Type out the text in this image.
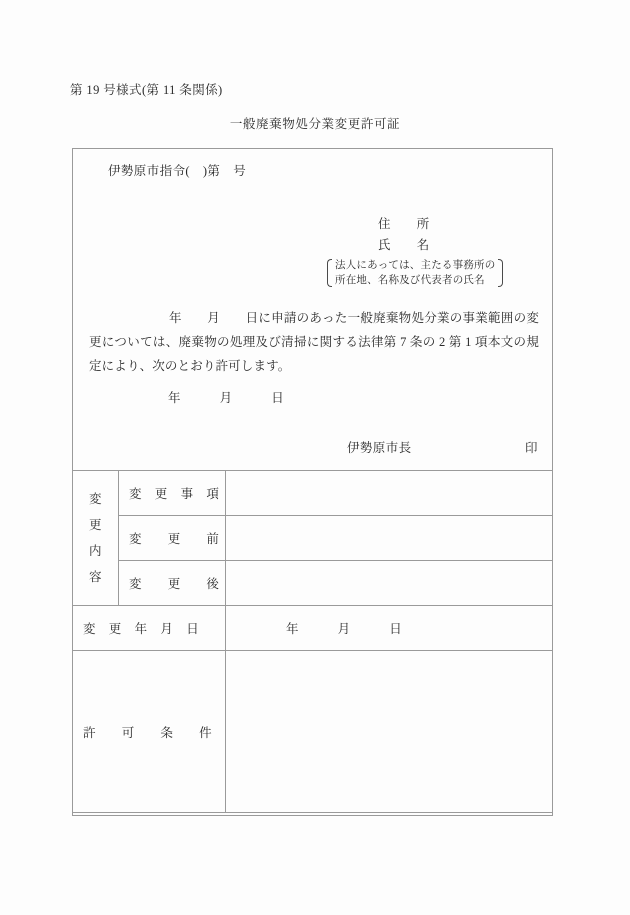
第 19 号様式(第 11 条関係)
一般廃棄物処分業変更許可証
伊勢原市指令(　)第　号
住　　所
氏　　名
法人にあっては、主たる事務所の
所在地、名称及び代表者の氏名
年　　月　　日に申請のあった一般廃棄物処分業の事業範囲の変更については、廃棄物の処理及び清掃に関する法律第 7 条の 2 第 1 項本文の規定により、次のとおり許可します。
年　　　月　　　日
伊勢原市長	印
変
更
内
容	変　更　事　項	
	変　　更　　前	
	変　　更　　後	
変　更　年　月　日		年　　　月　　　日
許　　可　　条　　件		
